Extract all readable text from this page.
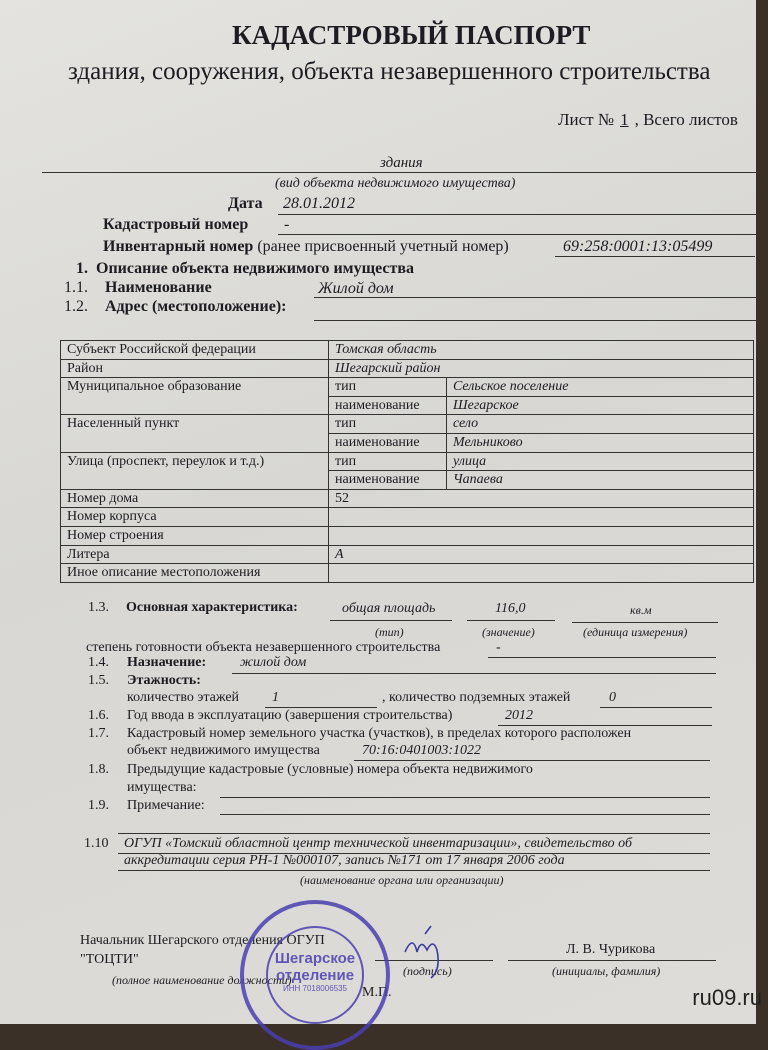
КАДАСТРОВЫЙ ПАСПОРТ
здания, сооружения, объекта незавершенного строительства
Лист № 1 , Всего листов
здания
(вид объекта недвижимого имущества)
Дата 28.01.2012
Кадастровый номер -
Инвентарный номер (ранее присвоенный учетный номер)	69:258:0001:13:05499
1. Описание объекта недвижимого имущества
1.1. Наименование	Жилой дом
1.2. Адрес (местоположение):
Субъект Российской федерации	Томская область	
Район	Шегарский район	
Муниципальное образование	тип	Сельское поселение
	наименование	Шегарское
Населенный пункт	тип	село
	наименование	Мельниково
Улица (проспект, переулок и т.д.)	тип	улица
	наименование	Чапаева
Номер дома	52	
Номер корпуса		
Номер строения		
Литера	А	
Иное описание местоположения		
1.3. Основная характеристика:	общая площадь	116,0	кв.м
(тип)	(значение)	(единица измерения)
степень готовности объекта незавершенного строительства	-
1.4. Назначение: жилой дом
1.5. Этажность:
количество этажей 1	, количество подземных этажей	0
1.6. Год ввода в эксплуатацию (завершения строительства)	2012
1.7. Кадастровый номер земельного участка (участков), в пределах которого расположен
объект недвижимого имущества	70:16:0401003:1022
1.8. Предыдущие кадастровые (условные) номера объекта недвижимого
имущества:
1.9. Примечание:
1.10 ОГУП «Томский областной центр технической инвентаризации», свидетельство об
аккредитации серия РН-1 №000107, запись №171 от 17 января 2006 года
(наименование органа или организации)
Начальник Шегарского отделения ОГУП
"ТОЦТИ"
(полное наименование должности)
М.П.
(подпись)
Л. В. Чурикова
(инициалы, фамилия)
Шегарское
отделение
ИНН 7018006535	ru09.ru
